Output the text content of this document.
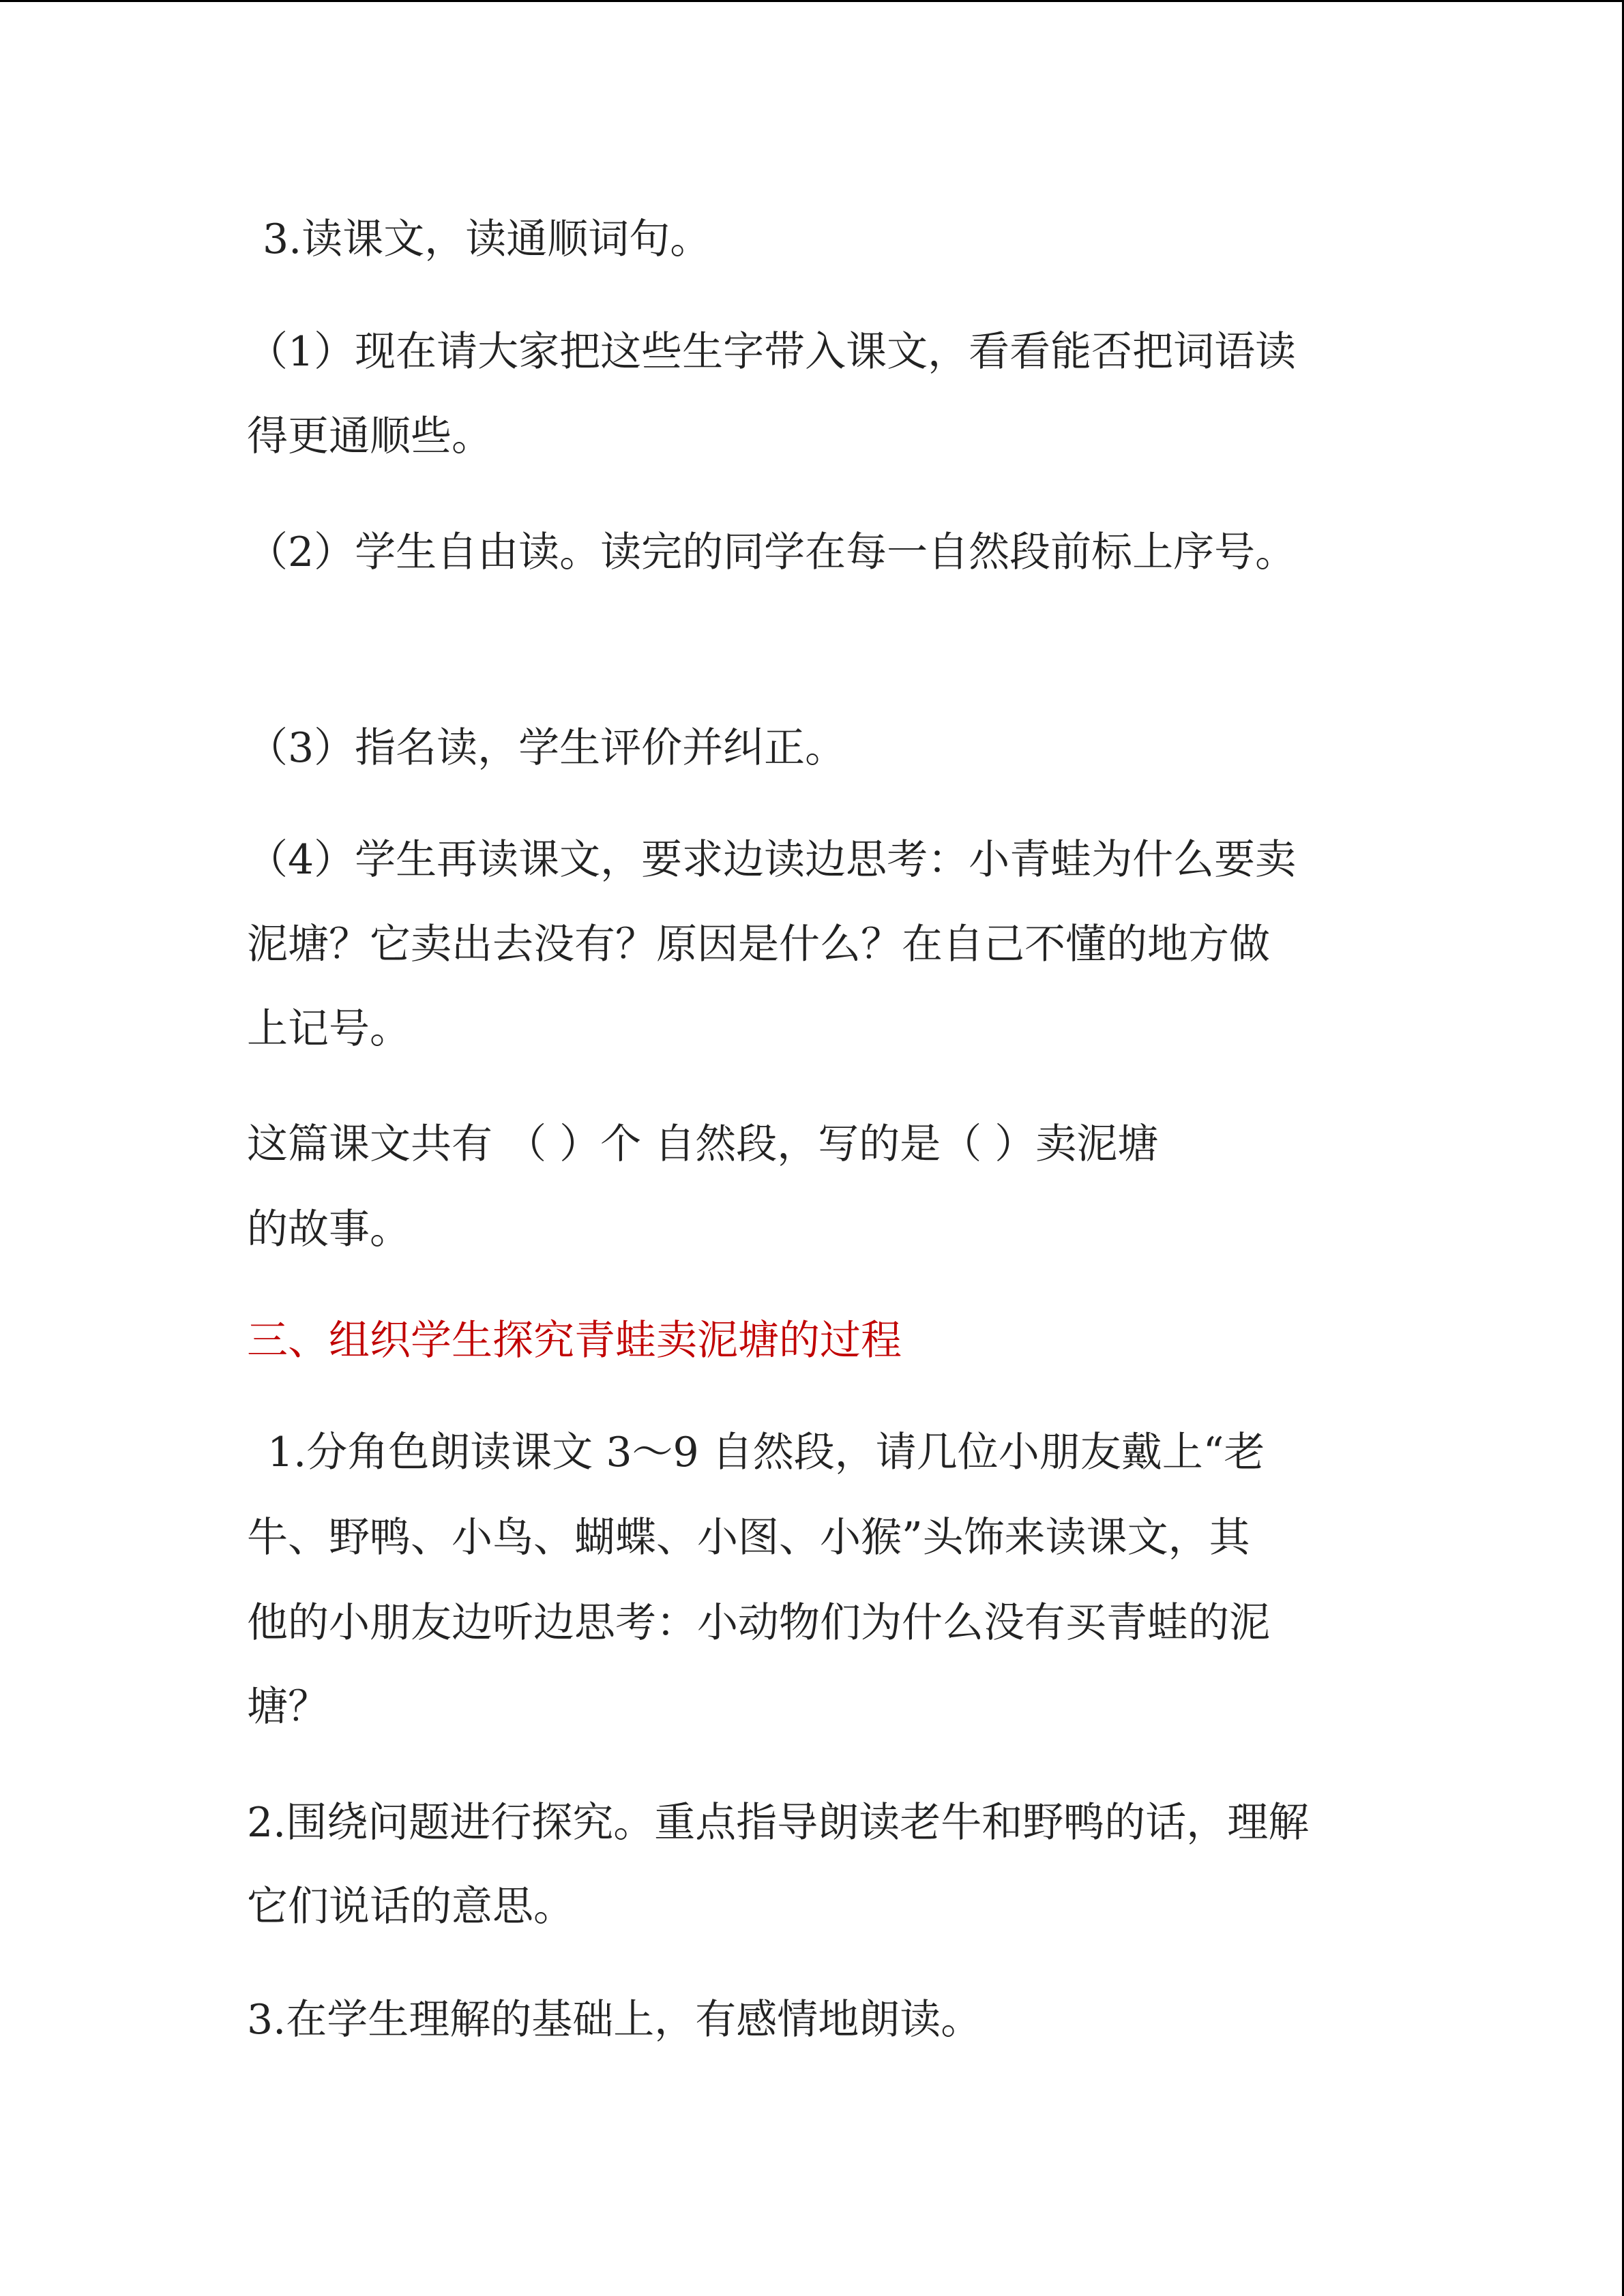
3.读课文，读通顺词句。
（1）现在请大家把这些生字带入课文，看看能否把词语读
得更通顺些。
（2）学生自由读。读完的同学在每一自然段前标上序号。
（3）指名读，学生评价并纠正。
（4）学生再读课文，要求边读边思考：小青蛙为什么要卖
泥塘？它卖出去没有？原因是什么？在自己不懂的地方做
上记号。
这篇课文共有 （ ）个 自然段，写的是（ ）卖泥塘
的故事。
三、组织学生探究青蛙卖泥塘的过程
1.分角色朗读课文 3～9 自然段，请几位小朋友戴上“老
牛、野鸭、小鸟、蝴蝶、小图、小猴”头饰来读课文，其
他的小朋友边听边思考：小动物们为什么没有买青蛙的泥
塘？
2.围绕问题进行探究。重点指导朗读老牛和野鸭的话，理解
它们说话的意思。
3.在学生理解的基础上，有感情地朗读。
